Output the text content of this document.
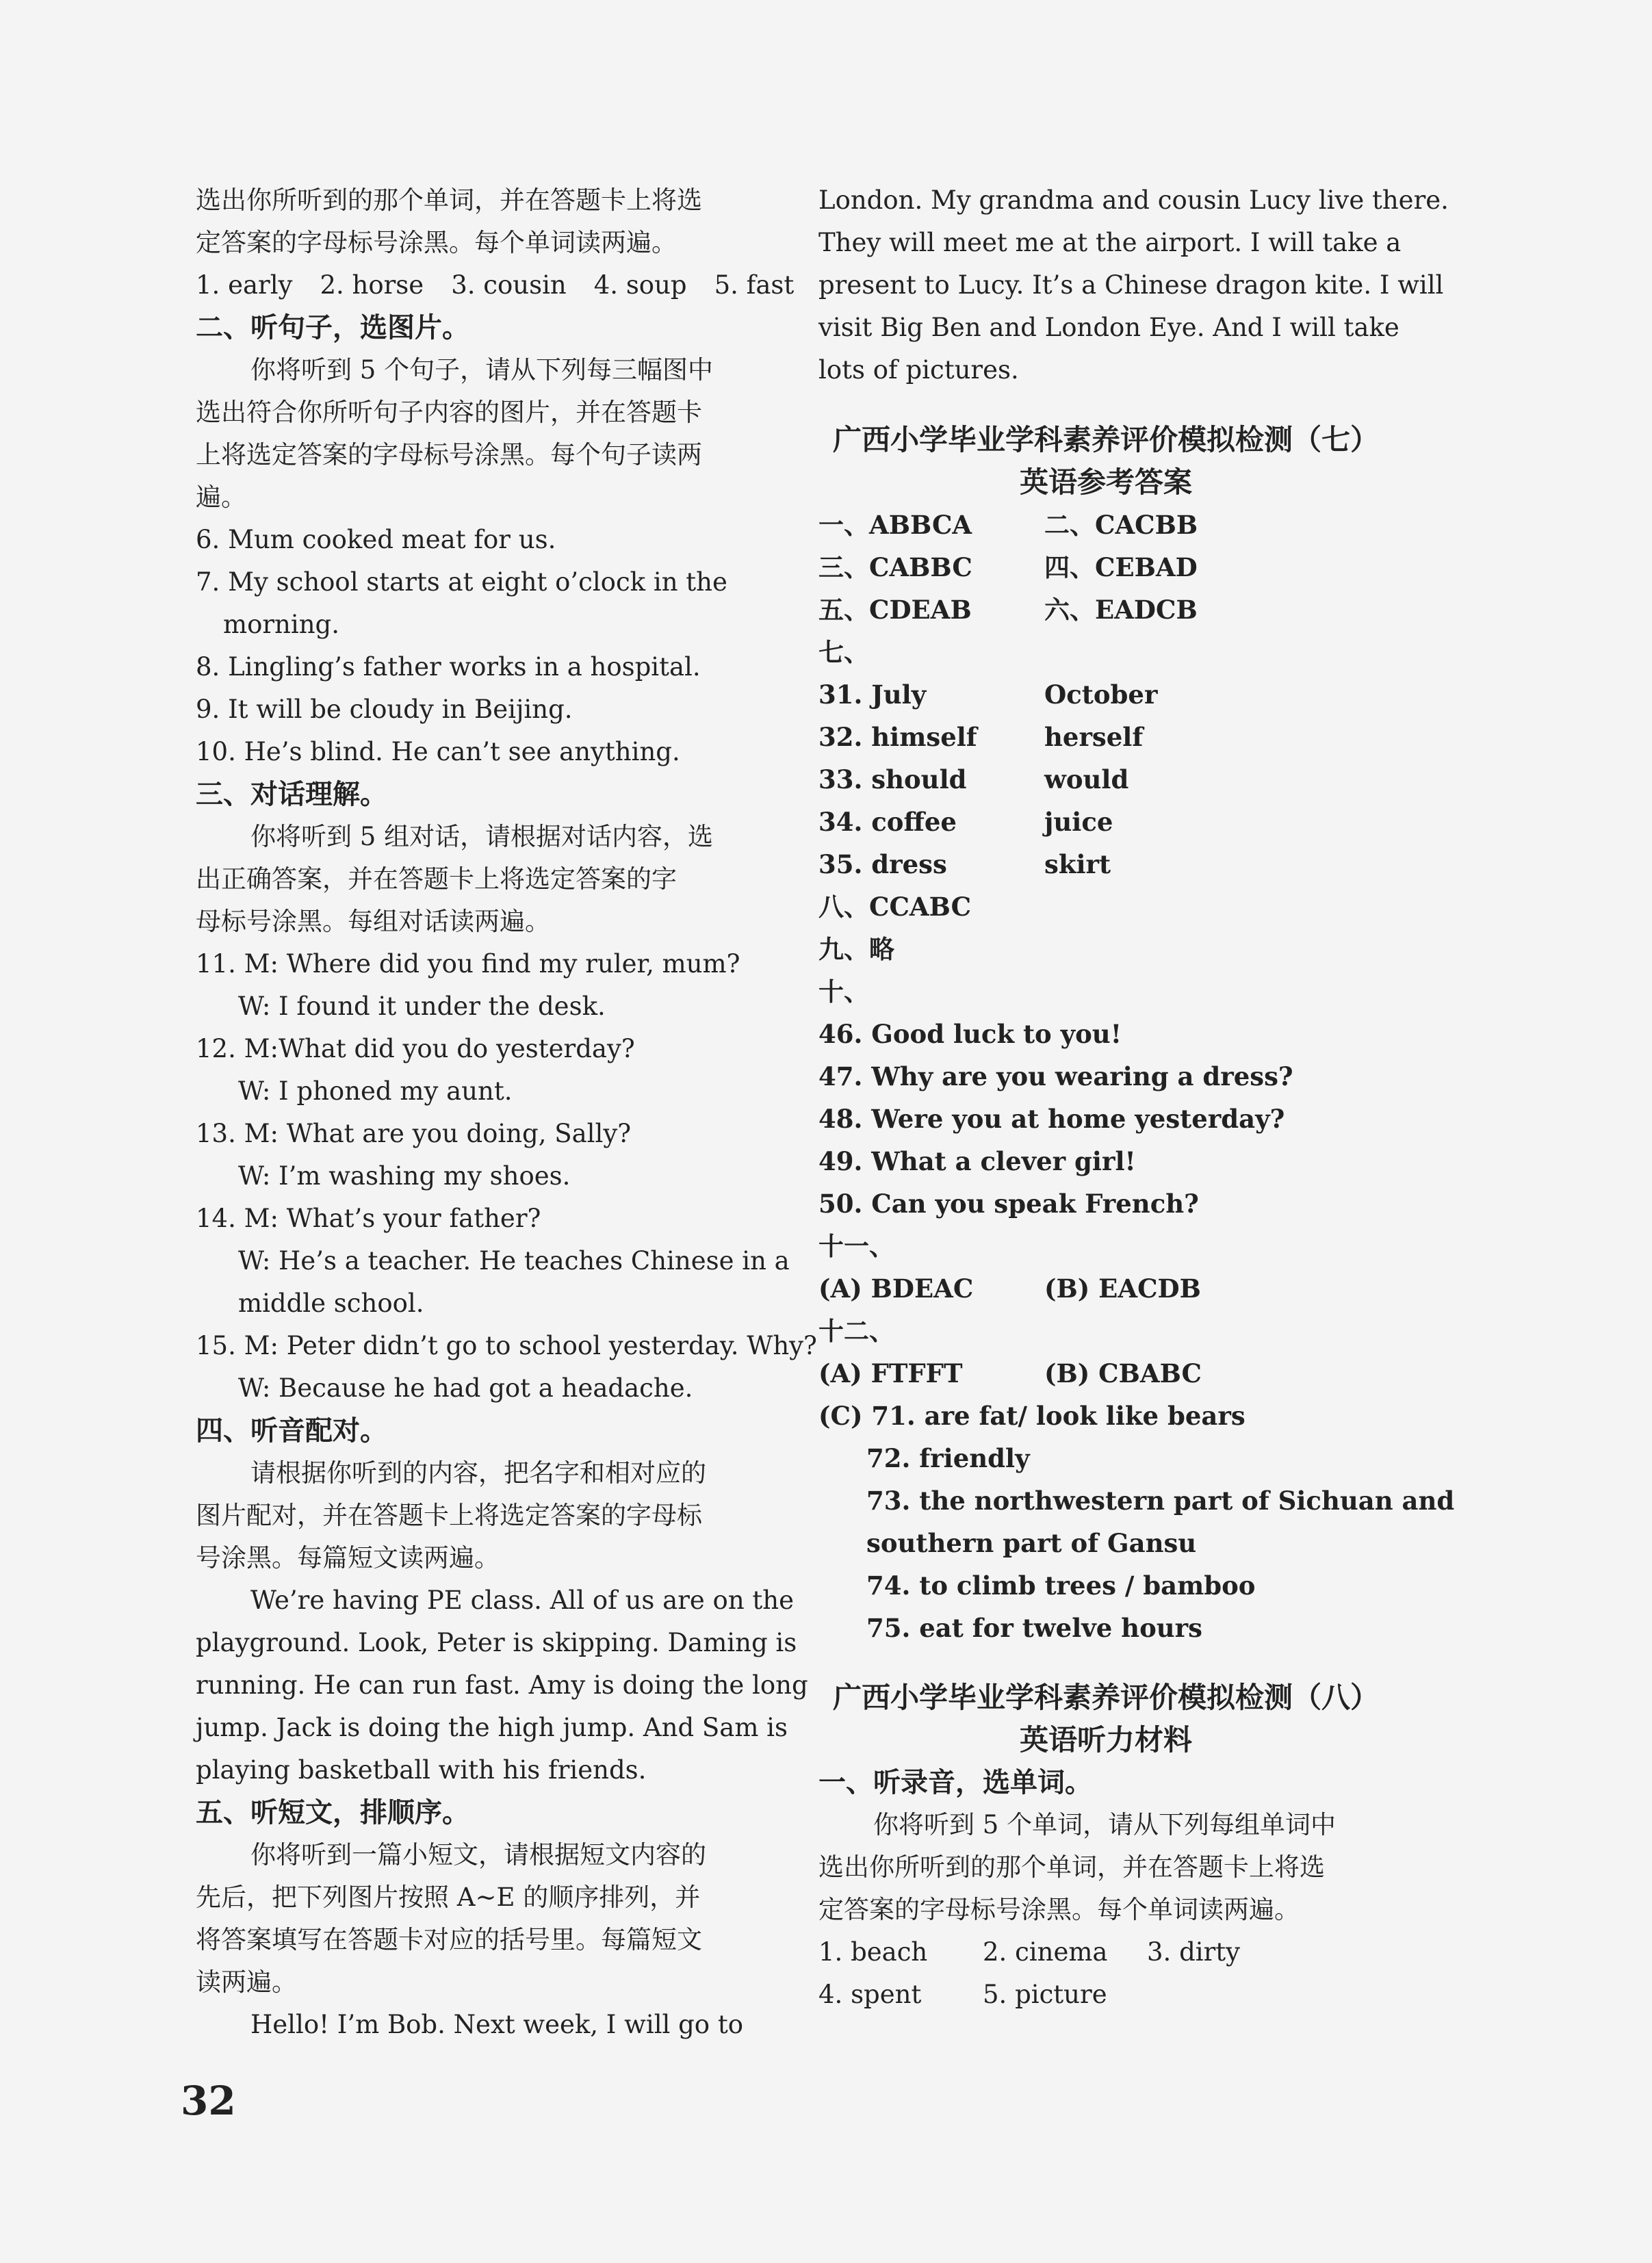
选出你所听到的那个单词，并在答题卡上将选
定答案的字母标号涂黑。每个单词读两遍。
1. early 2. horse 3. cousin 4. soup 5. fast
二、听句子，选图片。
你将听到 5 个句子，请从下列每三幅图中
选出符合你所听句子内容的图片，并在答题卡
上将选定答案的字母标号涂黑。每个句子读两
遍。
6. Mum cooked meat for us.
7. My school starts at eight o’clock in the
morning.
8. Lingling’s father works in a hospital.
9. It will be cloudy in Beijing.
10. He’s blind. He can’t see anything.
三、对话理解。
你将听到 5 组对话，请根据对话内容，选
出正确答案，并在答题卡上将选定答案的字
母标号涂黑。每组对话读两遍。
11. M: Where did you find my ruler, mum?
W: I found it under the desk.
12. M:What did you do yesterday?
W: I phoned my aunt.
13. M: What are you doing, Sally?
W: I’m washing my shoes.
14. M: What’s your father?
W: He’s a teacher. He teaches Chinese in a
middle school.
15. M: Peter didn’t go to school yesterday. Why?
W: Because he had got a headache.
四、听音配对。
请根据你听到的内容，把名字和相对应的
图片配对，并在答题卡上将选定答案的字母标
号涂黑。每篇短文读两遍。
We’re having PE class. All of us are on the
playground. Look, Peter is skipping. Daming is
running. He can run fast. Amy is doing the long
jump. Jack is doing the high jump. And Sam is
playing basketball with his friends.
五、听短文，排顺序。
你将听到一篇小短文，请根据短文内容的
先后，把下列图片按照 A~E 的顺序排列，并
将答案填写在答题卡对应的括号里。每篇短文
读两遍。
Hello! I’m Bob. Next week, I will go to
London. My grandma and cousin Lucy live there.
They will meet me at the airport. I will take a
present to Lucy. It’s a Chinese dragon kite. I will
visit Big Ben and London Eye. And I will take
lots of pictures.
广西小学毕业学科素养评价模拟检测（七）
英语参考答案
一、ABBCA	二、CACBB
三、CABBC	四、CEBAD
五、CDEAB	六、EADCB
七、
31. July	October
32. himself	herself
33. should	would
34. coffee	juice
35. dress	skirt
八、CCABC
九、略
十、
46. Good luck to you!
47. Why are you wearing a dress?
48. Were you at home yesterday?
49. What a clever girl!
50. Can you speak French?
十一、
(A) BDEAC	(B) EACDB
十二、
(A) FTFFT	(B) CBABC
(C) 71. are fat/ look like bears
72. friendly
73. the northwestern part of Sichuan and
southern part of Gansu
74. to climb trees / bamboo
75. eat for twelve hours
广西小学毕业学科素养评价模拟检测（八）
英语听力材料
一、听录音，选单词。
你将听到 5 个单词，请从下列每组单词中
选出你所听到的那个单词，并在答题卡上将选
定答案的字母标号涂黑。每个单词读两遍。
1. beach 2. cinema 3. dirty
4. spent 5. picture
32
